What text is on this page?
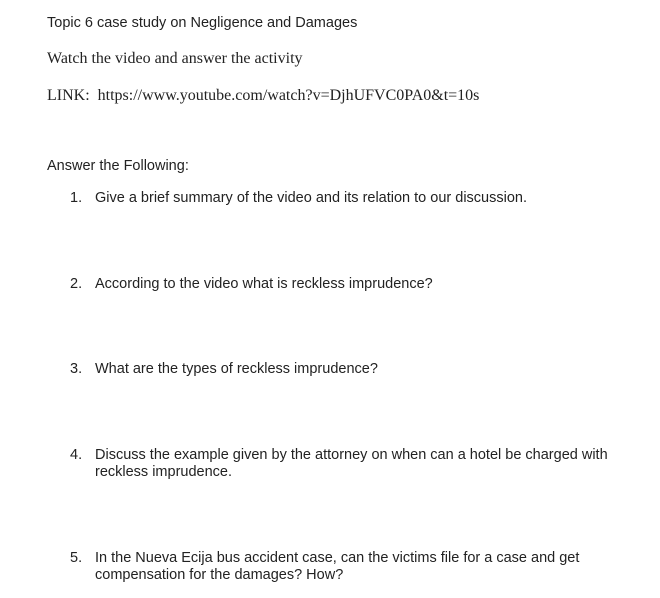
Topic 6 case study on Negligence and Damages
Watch the video and answer the activity
LINK: https://www.youtube.com/watch?v=DjhUFVC0PA0&t=10s
Answer the Following:
1. Give a brief summary of the video and its relation to our discussion.
2. According to the video what is reckless imprudence?
3. What are the types of reckless imprudence?
4. Discuss the example given by the attorney on when can a hotel be charged with reckless imprudence.
5. In the Nueva Ecija bus accident case, can the victims file for a case and get compensation for the damages? How?
